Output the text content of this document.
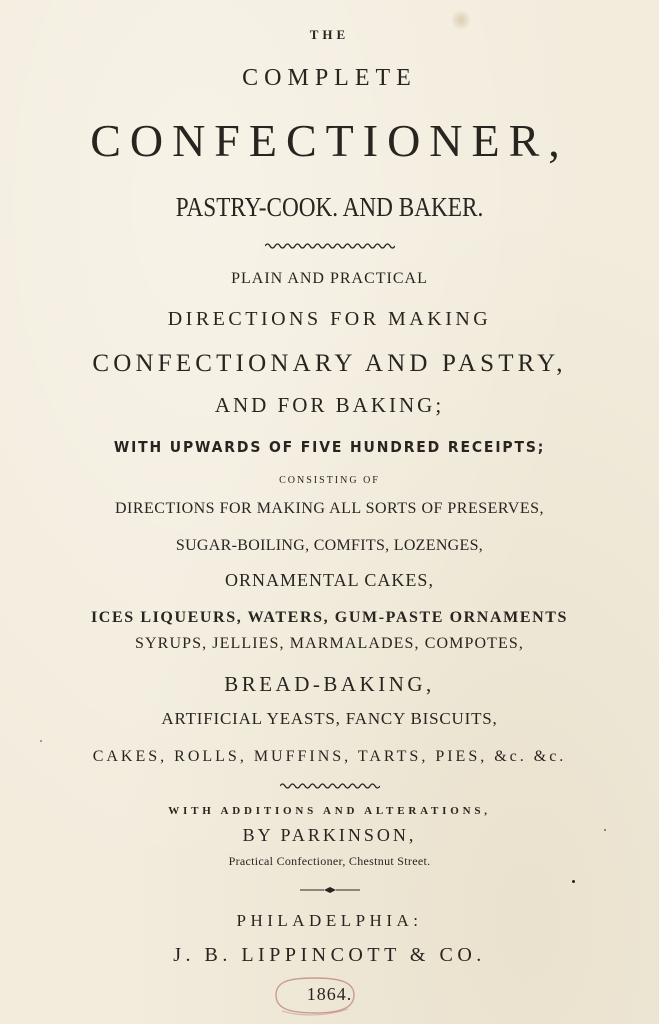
THE

COMPLETE

CONFECTIONER,

PASTRY-COOK. AND BAKER.

PLAIN AND PRACTICAL

DIRECTIONS FOR MAKING

CONFECTIONARY AND PASTRY,

AND FOR BAKING;

WITH UPWARDS OF FIVE HUNDRED RECEIPTS;

CONSISTING OF

DIRECTIONS FOR MAKING ALL SORTS OF PRESERVES,

SUGAR-BOILING, COMFITS, LOZENGES,

ORNAMENTAL CAKES,

ICES LIQUEURS, WATERS, GUM-PASTE ORNAMENTS

SYRUPS, JELLIES, MARMALADES, COMPOTES,

BREAD-BAKING,

ARTIFICIAL YEASTS, FANCY BISCUITS,

CAKES, ROLLS, MUFFINS, TARTS, PIES, &c. &c.

WITH ADDITIONS AND ALTERATIONS,

BY PARKINSON,

Practical Confectioner, Chestnut Street.

PHILADELPHIA:

J. B. LIPPINCOTT & CO.

1864.
